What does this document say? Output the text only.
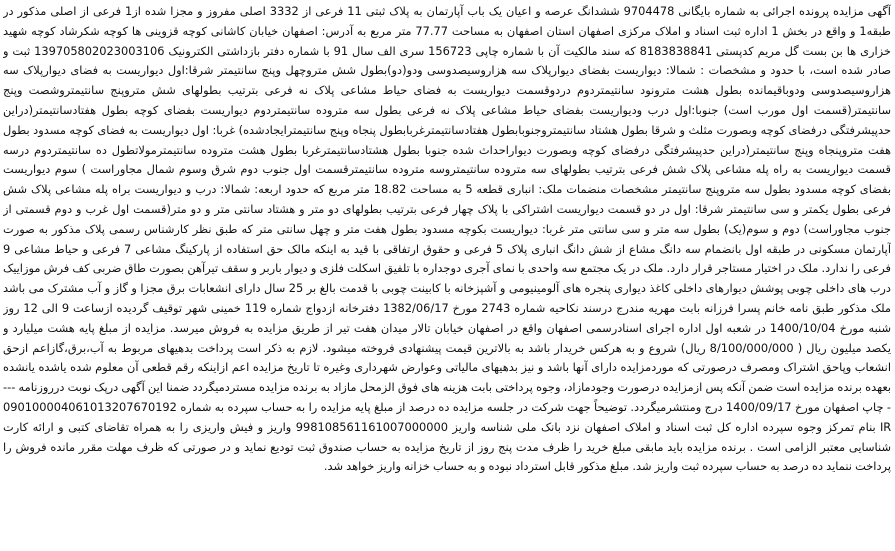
آگهی مزایده پرونده اجرائی به شماره بایگانی 9704478 ششدانگ عرصه و اعیان یک باب آپارتمان به پلاک ثبتی 11 فرعی از 3332 اصلی مفروز و مجزا شده از1 فرعی از اصلی مذکور در طبقه1 و واقع در بخش 1 اداره ثبت اسناد و املاک مرکزی اصفهان استان اصفهان به مساحت 77.77 متر مربع به آدرس: اصفهان خیابان کاشانی کوچه قزوینی ها کوچه شکرشاد کوچه شهید خزاری ها بن بست گل مریم کدپستی 8183838841 که سند مالکیت آن با شماره چاپی 156723 سری الف سال 91 با شماره دفتر بازداشتی الکترونیک 139705802023003106 ثبت و صادر شده است، با حدود و مشخصات : شمالا: دیواریست بفضای دیوارپلاک سه هزاروسیصدوسی ودو(دو)بطول شش متروچهل وپنج سانتیمتر شرقا:اول دیواریست به فضای دیوارپلاک سه هزاروسیصدوسی ودوباقیمانده بطول هشت مترونود سانتیمتردوم دردوقسمت دیواریست به فضای حیاط مشاعی پلاک نه فرعی بترتیب بطولهای شش متروپنج سانتیمتروشصت وپنج سانتیمتر(قسمت اول مورب است) جنوبا:اول درب ودیواریست بفضای حیاط مشاعی پلاک نه فرعی بطول سه متروده سانتیمتردوم دیواریست بفضای کوچه بطول هفتادسانتیمتر(دراین حدپیشرفتگی درفضای کوچه وبصورت مثلث و شرقا بطول هشتاد سانتیمتروجنوبابطول هفتادسانتیمترغربابطول پنجاه وپنج سانتیمترایجادشده) غربا: اول دیواریست به فضای کوچه مسدود بطول هفت متروپنجاه وپنج سانتیمتر(دراین حدپیشرفتگی درفضای کوچه وبصورت دیواراحداث شده جنوبا بطول هشتادسانتیمترغربا بطول هشت متروده سانتیمترمولاتطول ده سانتیمتردوم درسه قسمت دیواریست به راه پله مشاعی پلاک شش فرعی بترتیب بطولهای سه متروده سانتیمتروسه متروده سانتیمترقسمت اول جنوب دوم شرق وسوم شمال مجاوراست ) سوم دیواریست بفضای کوچه مسدود بطول سه متروپنج سانتیمتر مشخصات منضمات ملک: انباری قطعه 5 به مساحت 18.82 متر مربع که حدود اربعه: شمالا: درب و دیواریست براه پله مشاعی پلاک شش فرعی بطول یکمتر و سی سانتیمتر شرقا: اول در دو قسمت دیواریست اشتراکی با پلاک چهار فرعی بترتیب بطولهای دو متر و هشتاد سانتی متر و دو متر(قسمت اول غرب و دوم قسمتی از جنوب مجاوراست) دوم و سوم(یک) بطول سه متر و سی سانتی متر غربا: دیواریست بکوچه مسدود بطول هفت متر و چهل سانتی متر که طبق نظر کارشناس رسمی پلاک مذکور به صورت آپارتمان مسکونی در طبقه اول بانضمام سه دانگ مشاع از شش دانگ انباری پلاک 5 فرعی و حقوق ارتفاقی با قید به اینکه مالک حق استفاده از پارکینگ مشاعی 7 فرعی و حیاط مشاعی 9 فرعی را ندارد. ملک در اختیار مستاجر قرار دارد. ملک در یک مجتمع سه واحدی با نمای آجری دوجداره با تلفیق اسکلت فلزی و دیوار باربر و سقف تیرآهن بصورت طاق ضربی کف فرش موزاییک درب های داخلی چوبی پوشش دیوارهای داخلی کاغذ دیواری پنجره های آلومینیومی و آشپزخانه با کابینت چوبی با قدمت بالغ بر 25 سال دارای انشعابات برق مجزا و گاز و آب مشترک می باشد ملک مذکور طبق نامه خانم پسرا فرزانه بابت مهریه مندرج درسند نکاحیه شماره 2743 مورخ 1382/06/17 دفترخانه ازدواج شماره 119 خمینی شهر توقیف گردیده ازساعت 9 الی 12 روز شنبه مورخ 1400/10/04 در شعبه اول اداره اجرای اسنادرسمی اصفهان واقع در اصفهان خیابان تالار میدان هفت تیر از طریق مزایده به فروش میرسد. مزایده از مبلغ پایه هشت میلیارد و یکصد میلیون ریال ( 8/100/000/000 ریال) شروع و به هرکس خریدار باشد به بالاترین قیمت پیشنهادی فروخته میشود. لازم به ذکر است پرداخت بدهیهای مربوط به آب،برق،گازاعم ازحق انشعاب وپاحق اشتراک ومصرف درصورتی که موردمزایده دارای آنها باشد و نیز بدهیهای مالیاتی وعوارض شهرداری وغیره تا تاریخ مزایده اعم ازاینکه رقم قطعی آن معلوم شده یاشده یانشده بعهده برنده مزایده است ضمن آنکه پس ازمزایده درصورت وجودمازاد، وجوه پرداختی بابت هزینه های فوق الزمحل مازاد به برنده مزایده مستردمیگردد ضمنا این آگهی درپک نوبت درروزنامه ---- چاپ اصفهان مورخ 1400/09/17 درج ومنتشرمیگردد. توضیحاً جهت شرکت در جلسه مزایده ده درصد از مبلغ پایه مزایده را به حساب سپرده به شماره 090100004061013207670192 IR بنام تمرکز وجوه سپرده اداره کل ثبت اسناد و املاک اصفهان نزد بانک ملی شناسه واریز 998108561161007000000 واریز و فیش واریزی را به همراه تقاضای کتبی و ارائه کارت شناسایی معتبر الزامی است . برنده مزایده باید مابقی مبلغ خرید را ظرف مدت پنج روز از تاریخ مزایده به حساب صندوق ثبت تودیع نماید و در صورتی که ظرف مهلت مقرر مانده فروش را پرداخت ننماید ده درصد به حساب سپرده ثبت واریز شد. مبلغ مذکور قابل استرداد نبوده و به حساب خزانه واریز خواهد شد.
